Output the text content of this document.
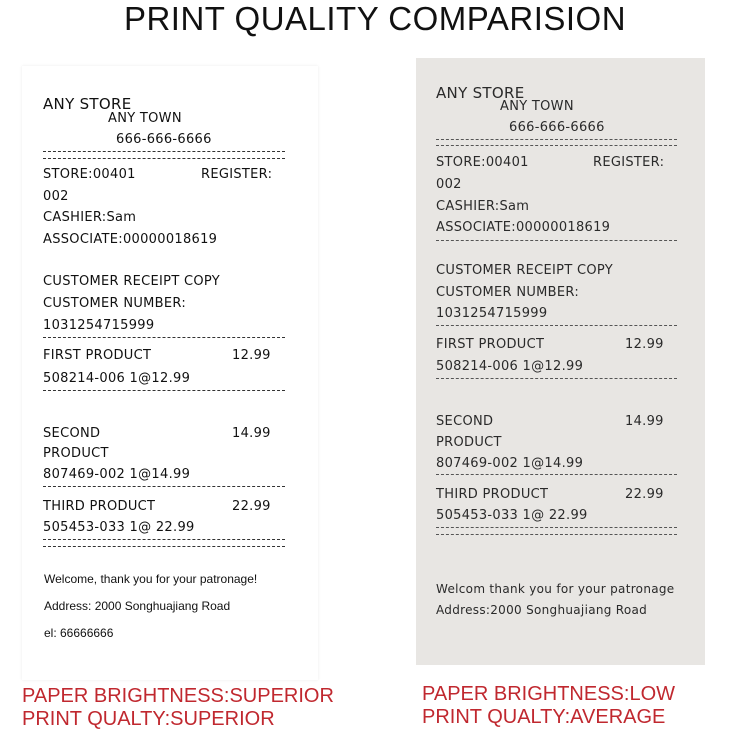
PRINT QUALITY COMPARISION
ANY STORE
ANY TOWN
666-666-6666
STORE:00401	REGISTER:
002
CASHIER:Sam
ASSOCIATE:00000018619
CUSTOMER RECEIPT COPY
CUSTOMER NUMBER:
1031254715999
FIRST PRODUCT	12.99
508214-006 1@12.99
SECOND	14.99
PRODUCT
807469-002 1@14.99
THIRD PRODUCT	22.99
505453-033 1@ 22.99
Welcome, thank you for your patronage!
Address: 2000 Songhuajiang Road
el: 66666666
ANY STORE
ANY TOWN
666-666-6666
STORE:00401	REGISTER:
002
CASHIER:Sam
ASSOCIATE:00000018619
CUSTOMER RECEIPT COPY
CUSTOMER NUMBER:
1031254715999
FIRST PRODUCT	12.99
508214-006 1@12.99
SECOND	14.99
PRODUCT
807469-002 1@14.99
THIRD PRODUCT	22.99
505453-033 1@ 22.99
Welcom thank you for your patronage
Address:2000 Songhuajiang Road
PAPER BRIGHTNESS:SUPERIOR
PRINT QUALTY:SUPERIOR
PAPER BRIGHTNESS:LOW
PRINT QUALTY:AVERAGE
